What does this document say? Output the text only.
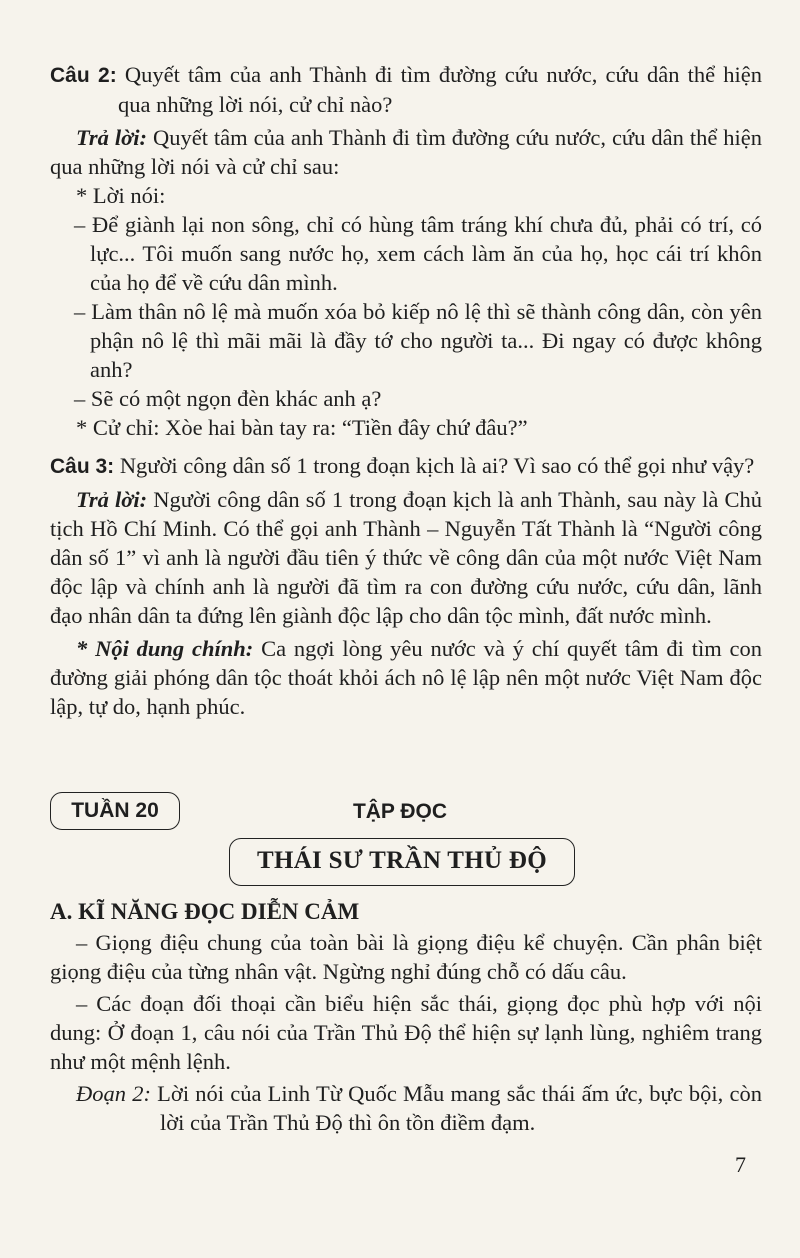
Câu 2: Quyết tâm của anh Thành đi tìm đường cứu nước, cứu dân thể hiện qua những lời nói, cử chỉ nào?

Trả lời: Quyết tâm của anh Thành đi tìm đường cứu nước, cứu dân thể hiện qua những lời nói và cử chỉ sau:

* Lời nói:

– Để giành lại non sông, chỉ có hùng tâm tráng khí chưa đủ, phải có trí, có lực... Tôi muốn sang nước họ, xem cách làm ăn của họ, học cái trí khôn của họ để về cứu dân mình.

– Làm thân nô lệ mà muốn xóa bỏ kiếp nô lệ thì sẽ thành công dân, còn yên phận nô lệ thì mãi mãi là đầy tớ cho người ta... Đi ngay có được không anh?

– Sẽ có một ngọn đèn khác anh ạ?

* Cử chỉ: Xòe hai bàn tay ra: “Tiền đây chứ đâu?”

Câu 3: Người công dân số 1 trong đoạn kịch là ai? Vì sao có thể gọi như vậy?

Trả lời: Người công dân số 1 trong đoạn kịch là anh Thành, sau này là Chủ tịch Hồ Chí Minh. Có thể gọi anh Thành – Nguyễn Tất Thành là “Người công dân số 1” vì anh là người đầu tiên ý thức về công dân của một nước Việt Nam độc lập và chính anh là người đã tìm ra con đường cứu nước, cứu dân, lãnh đạo nhân dân ta đứng lên giành độc lập cho dân tộc mình, đất nước mình.

* Nội dung chính: Ca ngợi lòng yêu nước và ý chí quyết tâm đi tìm con đường giải phóng dân tộc thoát khỏi ách nô lệ lập nên một nước Việt Nam độc lập, tự do, hạnh phúc.

TUẦN 20	TẬP ĐỌC
THÁI SƯ TRẦN THỦ ĐỘ
A. KĨ NĂNG ĐỌC DIỄN CẢM

– Giọng điệu chung của toàn bài là giọng điệu kể chuyện. Cần phân biệt giọng điệu của từng nhân vật. Ngừng nghỉ đúng chỗ có dấu câu.

– Các đoạn đối thoại cần biểu hiện sắc thái, giọng đọc phù hợp với nội dung: Ở đoạn 1, câu nói của Trần Thủ Độ thể hiện sự lạnh lùng, nghiêm trang như một mệnh lệnh.

Đoạn 2: Lời nói của Linh Từ Quốc Mẫu mang sắc thái ấm ức, bực bội, còn lời của Trần Thủ Độ thì ôn tồn điềm đạm.

7
